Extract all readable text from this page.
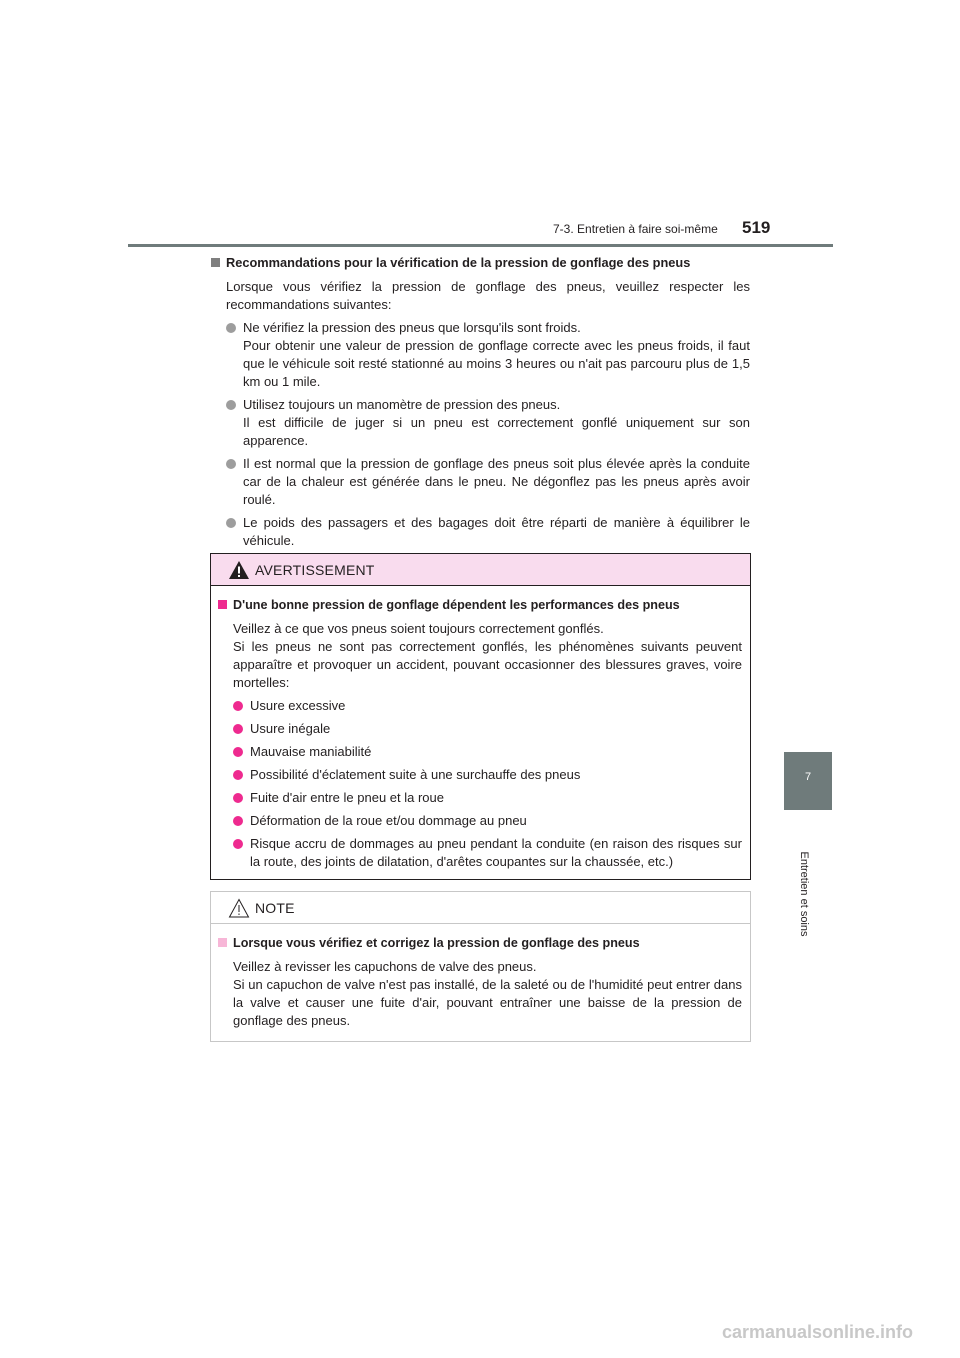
7-3. Entretien à faire soi-même 519
7
Entretien et soins
Recommandations pour la vérification de la pression de gonflage des pneus

Lorsque vous vérifiez la pression de gonflage des pneus, veuillez respecter les recommandations suivantes:

Ne vérifiez la pression des pneus que lorsqu'ils sont froids.

Pour obtenir une valeur de pression de gonflage correcte avec les pneus froids, il faut que le véhicule soit resté stationné au moins 3 heures ou n'ait pas parcouru plus de 1,5 km ou 1 mile.

Utilisez toujours un manomètre de pression des pneus.

Il est difficile de juger si un pneu est correctement gonflé uniquement sur son apparence.

Il est normal que la pression de gonflage des pneus soit plus élevée après la conduite car de la chaleur est générée dans le pneu. Ne dégonflez pas les pneus après avoir roulé.

Le poids des passagers et des bagages doit être réparti de manière à équilibrer le véhicule.

AVERTISSEMENT
D'une bonne pression de gonflage dépendent les performances des pneus

Veillez à ce que vos pneus soient toujours correctement gonflés.

Si les pneus ne sont pas correctement gonflés, les phénomènes suivants peuvent apparaître et provoquer un accident, pouvant occasionner des blessures graves, voire mortelles:

Usure excessive

Usure inégale

Mauvaise maniabilité

Possibilité d'éclatement suite à une surchauffe des pneus

Fuite d'air entre le pneu et la roue

Déformation de la roue et/ou dommage au pneu

Risque accru de dommages au pneu pendant la conduite (en raison des risques sur la route, des joints de dilatation, d'arêtes coupantes sur la chaussée, etc.)

NOTE
Lorsque vous vérifiez et corrigez la pression de gonflage des pneus

Veillez à revisser les capuchons de valve des pneus.

Si un capuchon de valve n'est pas installé, de la saleté ou de l'humidité peut entrer dans la valve et causer une fuite d'air, pouvant entraîner une baisse de la pression de gonflage des pneus.

carmanualsonline.info
